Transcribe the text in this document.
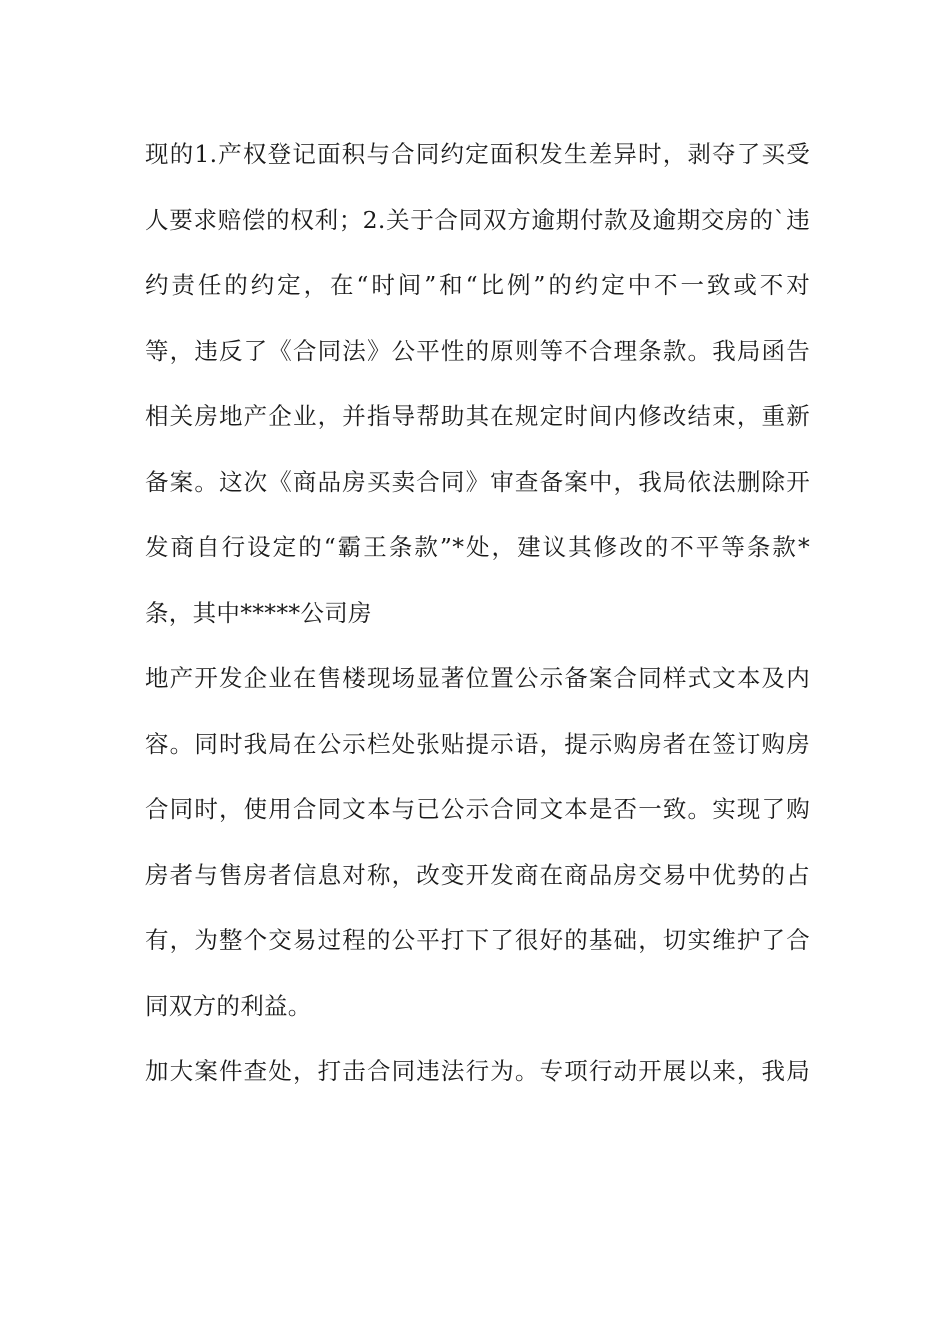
现的1.产权登记面积与合同约定面积发生差异时，剥夺了买受
人要求赔偿的权利；2.关于合同双方逾期付款及逾期交房的`违
约责任的约定，在“时间”和“比例”的约定中不一致或不对
等，违反了《合同法》公平性的原则等不合理条款。我局函告
相关房地产企业，并指导帮助其在规定时间内修改结束，重新
备案。这次《商品房买卖合同》审查备案中，我局依法删除开
发商自行设定的“霸王条款”*处，建议其修改的不平等条款*
条，其中*****公司房
地产开发企业在售楼现场显著位置公示备案合同样式文本及内
容。同时我局在公示栏处张贴提示语，提示购房者在签订购房
合同时，使用合同文本与已公示合同文本是否一致。实现了购
房者与售房者信息对称，改变开发商在商品房交易中优势的占
有，为整个交易过程的公平打下了很好的基础，切实维护了合
同双方的利益。
加大案件查处，打击合同违法行为。专项行动开展以来，我局
